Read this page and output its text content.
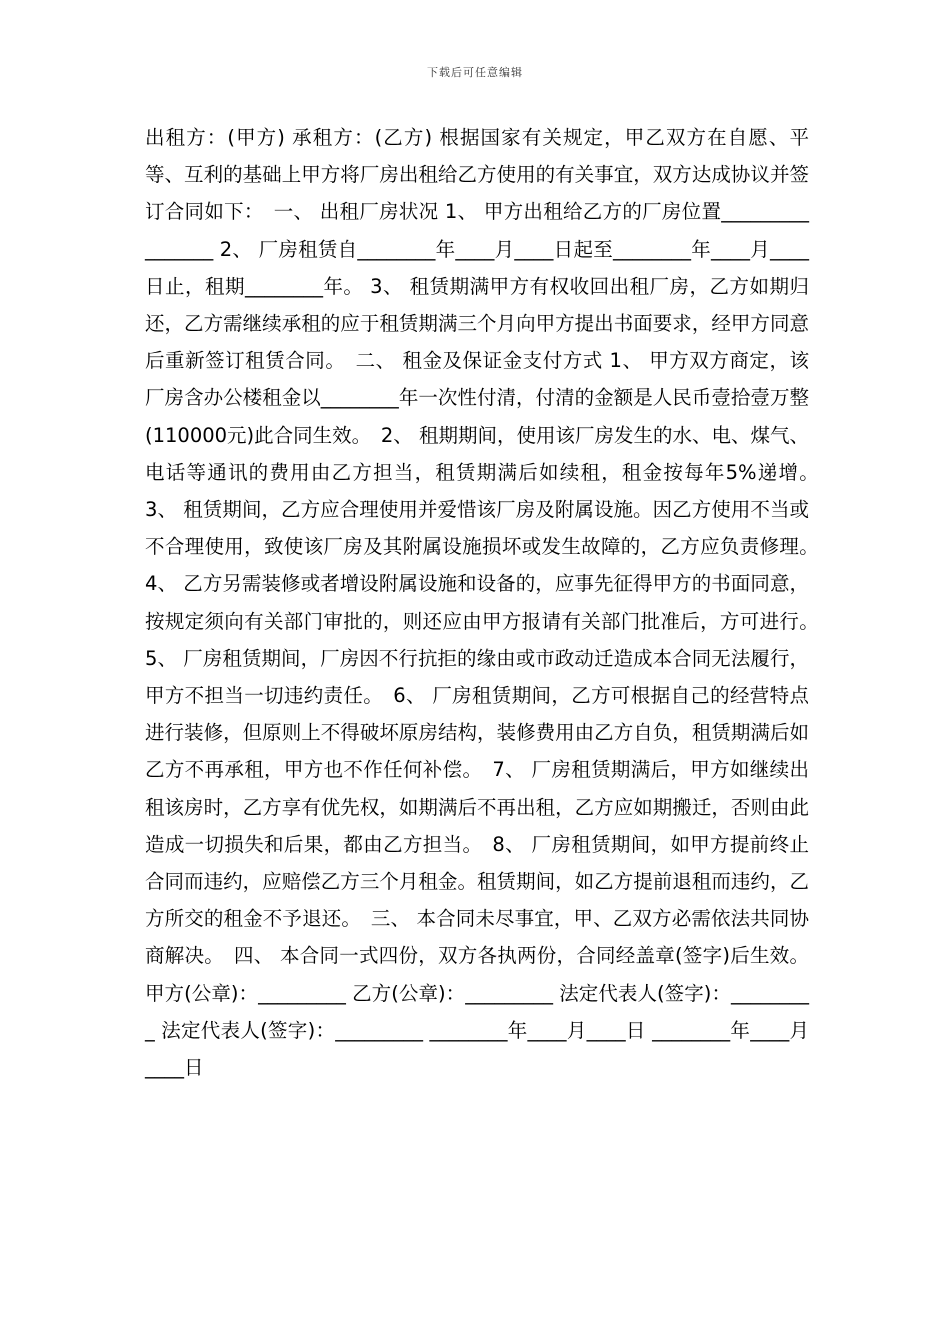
下载后可任意编辑

出租方：(甲方) 承租方：(乙方) 根据国家有关规定，甲乙双方在自愿、平等、互利的基础上甲方将厂房出租给乙方使用的有关事宜，双方达成协议并签订合同如下：　一、 出租厂房状况 1、 甲方出租给乙方的厂房位置________________ 2、 厂房租赁自________年____月____日起至________年____月____日止，租期________年。 3、 租赁期满甲方有权收回出租厂房，乙方如期归还，乙方需继续承租的应于租赁期满三个月向甲方提出书面要求，经甲方同意后重新签订租赁合同。　二、 租金及保证金支付方式 1、 甲方双方商定，该厂房含办公楼租金以________年一次性付清，付清的金额是人民币壹拾壹万整(110000元)此合同生效。　2、 租期期间，使用该厂房发生的水、电、煤气、电话等通讯的费用由乙方担当，租赁期满后如续租，租金按每年5%递增。　3、 租赁期间，乙方应合理使用并爱惜该厂房及附属设施。因乙方使用不当或不合理使用，致使该厂房及其附属设施损坏或发生故障的，乙方应负责修理。　4、 乙方另需装修或者增设附属设施和设备的，应事先征得甲方的书面同意，按规定须向有关部门审批的，则还应由甲方报请有关部门批准后，方可进行。　5、 厂房租赁期间，厂房因不行抗拒的缘由或市政动迁造成本合同无法履行，甲方不担当一切违约责任。　6、 厂房租赁期间，乙方可根据自己的经营特点进行装修，但原则上不得破坏原房结构，装修费用由乙方自负，租赁期满后如乙方不再承租，甲方也不作任何补偿。　7、 厂房租赁期满后，甲方如继续出租该房时，乙方享有优先权，如期满后不再出租，乙方应如期搬迁，否则由此造成一切损失和后果，都由乙方担当。　8、 厂房租赁期间，如甲方提前终止合同而违约，应赔偿乙方三个月租金。租赁期间，如乙方提前退租而违约，乙方所交的租金不予退还。　三、 本合同未尽事宜，甲、乙双方必需依法共同协商解决。　四、 本合同一式四份，双方各执两份，合同经盖章(签字)后生效。 甲方(公章)：_________ 乙方(公章)：_________ 法定代表人(签字)：_________ 法定代表人(签字)：_________ ________年____月____日 ________年____月____日
